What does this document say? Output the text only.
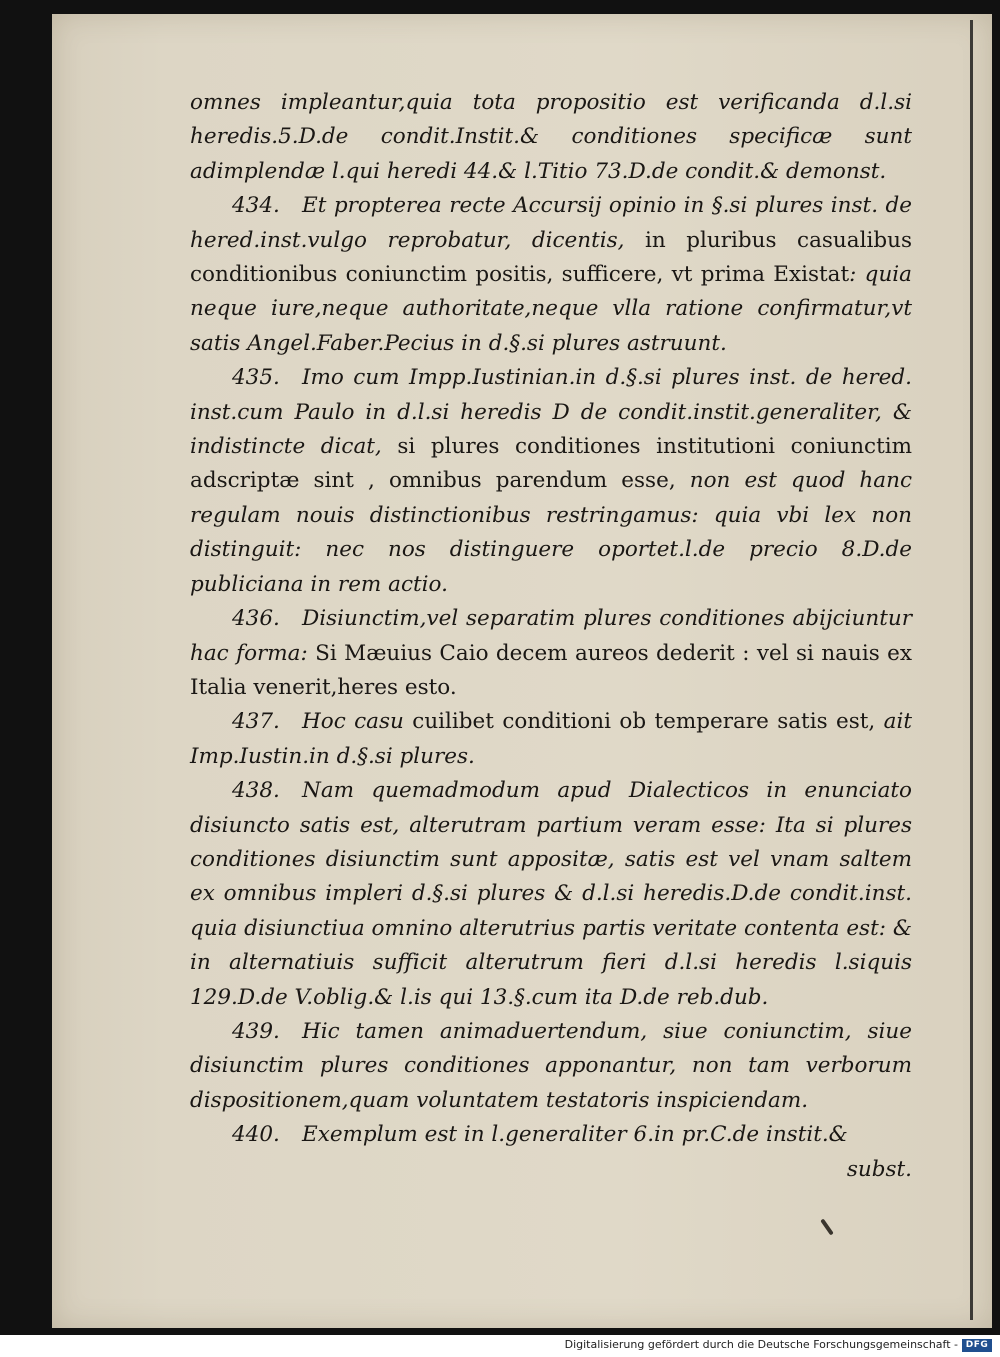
omnes impleantur,quia tota propositio est verificanda d.l.si heredis.5.D.de condit.Instit.& conditiones specificæ sunt adimplendæ l.qui heredi 44.& l.Titio 73.D.de condit.& demonst.

434. Et propterea recte Accursij opinio in §.si plures inst. de hered.inst.vulgo reprobatur, dicentis, in pluribus casualibus conditionibus coniunctim positis, sufficere, vt prima Existat: quia neque iure,neque authoritate,neque vlla ratione confirmatur,vt satis Angel.Faber.Pecius in d.§.si plures astruunt.

435. Imo cum Impp.Iustinian.in d.§.si plures inst. de hered. inst.cum Paulo in d.l.si heredis D de condit.instit.generaliter, & indistincte dicat, si plures conditiones institutioni coniunctim adscriptæ sint , omnibus parendum esse, non est quod hanc regulam nouis distinctionibus restringamus: quia vbi lex non distinguit: nec nos distinguere oportet.l.de precio 8.D.de publiciana in rem actio.

436. Disiunctim,vel separatim plures conditiones abijciuntur hac forma: Si Mæuius Caio decem aureos dederit : vel si nauis ex Italia venerit,heres esto.

437. Hoc casu cuilibet conditioni ob temperare satis est, ait Imp.Iustin.in d.§.si plures.

438. Nam quemadmodum apud Dialecticos in enunciato disiuncto satis est, alterutram partium veram esse: Ita si plures conditiones disiunctim sunt appositæ, satis est vel vnam saltem ex omnibus impleri d.§.si plures & d.l.si heredis.D.de condit.inst. quia disiunctiua omnino alterutrius partis veritate contenta est: & in alternatiuis sufficit alterutrum fieri d.l.si heredis l.siquis 129.D.de V.oblig.& l.is qui 13.§.cum ita D.de reb.dub.

439. Hic tamen animaduertendum, siue coniunctim, siue disiunctim plures conditiones apponantur, non tam verborum dispositionem,quam voluntatem testatoris inspiciendam.

440. Exemplum est in l.generaliter 6.in pr.C.de instit.&
subst.

Digitalisierung gefördert durch die Deutsche Forschungsgemeinschaft - DFG
